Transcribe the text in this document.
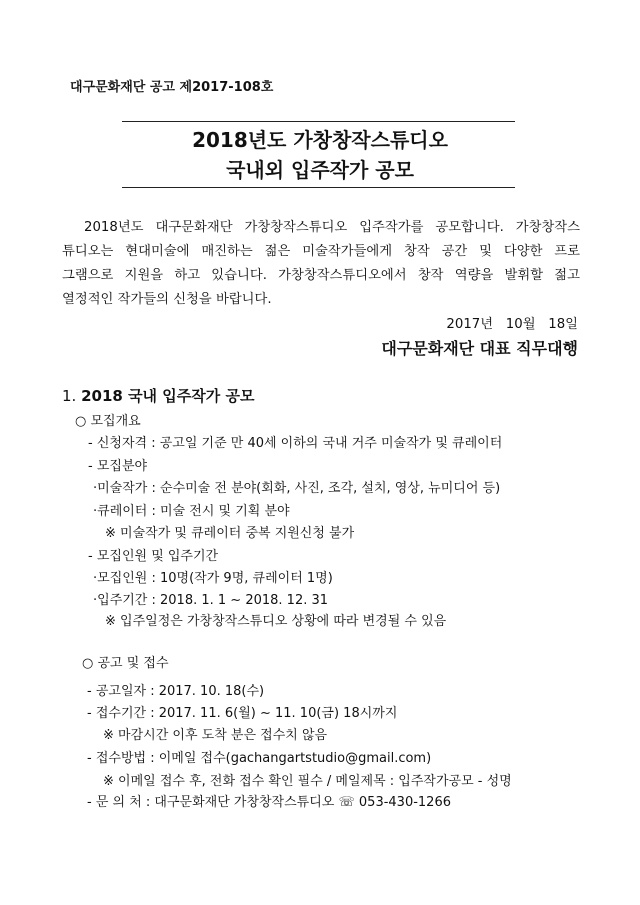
대구문화재단 공고 제2017-108호
2018년도 가창창작스튜디오
국내외 입주작가 공모
2018년도 대구문화재단 가창창작스튜디오 입주작가를 공모합니다. 가창창작스
튜디오는 현대미술에 매진하는 젊은 미술작가들에게 창작 공간 및 다양한 프로
그램으로 지원을 하고 있습니다. 가창창작스튜디오에서 창작 역량을 발휘할 젊고
열정적인 작가들의 신청을 바랍니다.
2017년   10월   18일
대구문화재단 대표 직무대행
1. 2018 국내 입주작가 공모
○ 모집개요
- 신청자격 : 공고일 기준 만 40세 이하의 국내 거주 미술작가 및 큐레이터
- 모집분야
·미술작가 : 순수미술 전 분야(회화, 사진, 조각, 설치, 영상, 뉴미디어 등)
·큐레이터 : 미술 전시 및 기획 분야
※ 미술작가 및 큐레이터 중복 지원신청 불가
- 모집인원 및 입주기간
·모집인원 : 10명(작가 9명, 큐레이터 1명)
·입주기간 : 2018. 1. 1 ~ 2018. 12. 31
※ 입주일정은 가창창작스튜디오 상황에 따라 변경될 수 있음
○ 공고 및 접수
- 공고일자 : 2017. 10. 18(수)
- 접수기간 : 2017. 11. 6(월) ~ 11. 10(금) 18시까지
※ 마감시간 이후 도착 분은 접수치 않음
- 접수방법 : 이메일 접수(gachangartstudio@gmail.com)
※ 이메일 접수 후, 전화 접수 확인 필수 / 메일제목 : 입주작가공모 - 성명
- 문 의 처 : 대구문화재단 가창창작스튜디오 ☏ 053-430-1266
